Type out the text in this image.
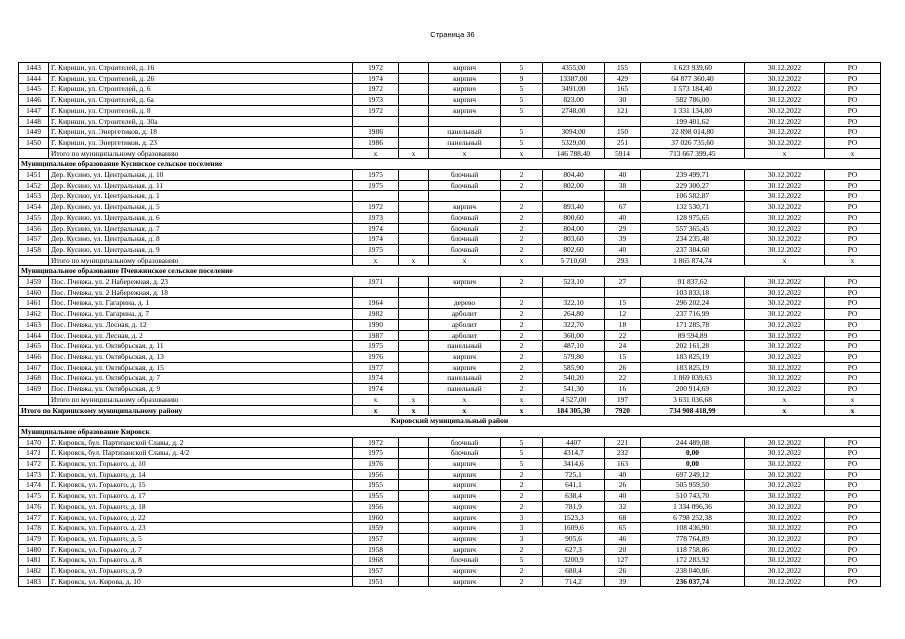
Страница 36
1443	Г. Кириши, ул. Строителей, д. 16	1972		кирпич	5	4355,00	155	1 623 939,60	30.12.2022	РО
1444	Г. Кириши, ул. Строителей, д. 26	1974		кирпич	9	13387,00	429	64 877 360,40	30.12.2022	РО
1445	Г. Кириши, ул. Строителей, д. 6	1972		кирпич	5	3491,00	165	1 573 184,40	30.12.2022	РО
1446	Г. Кириши, ул. Строителей, д. 6а	1973		кирпич	5	823,00	30	582 786,00	30.12.2022	РО
1447	Г. Кириши, ул. Строителей, д. 8	1972		кирпич	5	2748,00	121	1 331 134,80	30.12.2022	РО
1448	Г. Кириши, ул. Строителей, д. 30а							199 401,62	30.12.2022	РО
1449	Г. Кириши, ул. Энергетиков, д. 18	1986		панельный	5	3094,00	150	22 898 014,80	30.12.2022	РО
1450	Г. Кириши, ул. Энергетиков, д. 23	1986		панельный	5	5329,00	251	37 026 735,60	30.12.2022	РО
	Итого по муниципальному образованию	х	х	х	х	146 788,40	5914	713 667 399,45	х	х
Муниципальное образование Кусинское сельское поселение										
1451	Дер. Кусино, ул. Центральная, д. 10	1975		блочный	2	804,40	40	239 499,71	30.12.2022	РО
1452	Дер. Кусино, ул. Центральная, д. 11	1975		блочный	2	802,00	38	229 300,27	30.12.2022	РО
1453	Дер. Кусино, ул. Центральная, д. 1							106 582,87	30.12.2022	РО
1454	Дер. Кусино, ул. Центральная, д. 5	1972		кирпич	2	893,40	67	132 530,71	30.12.2022	РО
1455	Дер. Кусино, ул. Центральная, д. 6	1973		блочный	2	800,60	40	128 975,65	30.12.2022	РО
1456	Дер. Кусино, ул. Центральная, д. 7	1974		блочный	2	804,00	29	557 365,45	30.12.2022	РО
1457	Дер. Кусино, ул. Центральная, д. 8	1974		блочный	2	803,60	39	234 235,48	30.12.2022	РО
1458	Дер. Кусино, ул. Центральная, д. 9	1975		блочный	2	802,60	40	237 384,60	30.12.2022	РО
	Итого по муниципальному образованию	х	х	х	х	5 710,60	293	1 865 874,74	х	х
Муниципальное образование Пчевжинское сельское поселение										
1459	Пос. Пчевжа, ул. 2 Набережная, д. 23	1971		кирпич	2	523,10	27	91 837,62	30.12.2022	РО
1460	Пос. Пчевжа, ул. 2 Набережная, д. 18							103 833,18	30.12.2022	РО
1461	Пос. Пчевжа, ул. Гагарина, д. 1	1964		дерево	2	322,10	15	296 202,24	30.12.2022	РО
1462	Пос. Пчевжа, ул. Гагарина, д. 7	1982		арболит	2	264,80	12	237 716,99	30.12.2022	РО
1463	Пос. Пчевжа, ул. Лесная, д. 12	1990		арболит	2	322,70	18	171 285,78	30.12.2022	РО
1464	Пос. Пчевжа, ул. Лесная, д. 2	1987		арболит	2	360,00	22	89 594,89	30.12.2022	РО
1465	Пос. Пчевжа, ул. Октябрьская, д. 11	1975		панельный	2	487,10	24	202 161,28	30.12.2022	РО
1466	Пос. Пчевжа, ул. Октябрьская, д. 13	1976		кирпич	2	579,80	15	183 825,19	30.12.2022	РО
1467	Пос. Пчевжа, ул. Октябрьская, д. 15	1977		кирпич	2	585,90	26	183 825,19	30.12.2022	РО
1468	Пос. Пчевжа, ул. Октябрьская, д. 7	1974		панельный	2	540,20	22	1 869 839,63	30.12.2022	РО
1469	Пос. Пчевжа, ул. Октябрьская, д. 9	1974		панельный	2	541,30	16	200 914,69	30.12.2022	РО
	Итого по муниципальному образованию	х	х	х	х	4 527,00	197	3 631 036,68	х	х
Итого по Киришскому муниципальному району		х	х	х	х	184 305,30	7920	734 908 418,99	х	х
Кировский муниципальный район										
Муниципальное образование Кировск										
1470	Г. Кировск, бул. Партизанской Славы, д. 2	1972		блочный	5	4407	221	244 489,08	30.12.2022	РО
1471	Г. Кировск, бул. Партизанской Славы, д. 4/2	1975		блочный	5	4314,7	232	0,00	30.12.2022	РО
1472	Г. Кировск, ул. Горького, д. 10	1976		кирпич	5	3414,6	163	0,00	30.12.2022	РО
1473	Г. Кировск, ул. Горького, д. 14	1956		кирпич	2	725,1	40	697 249,12	30.12.2022	РО
1474	Г. Кировск, ул. Горького, д. 15	1955		кирпич	2	641,1	26	505 959,50	30.12.2022	РО
1475	Г. Кировск, ул. Горького, д. 17	1955		кирпич	2	638,4	40	510 743,70	30.12.2022	РО
1476	Г. Кировск, ул. Горького, д. 18	1956		кирпич	2	781,9	32	1 334 096,36	30.12.2022	РО
1477	Г. Кировск, ул. Горького, д. 22	1960		кирпич	3	1523,3	68	6 798 252,38	30.12.2022	РО
1478	Г. Кировск, ул. Горького, д. 23	1959		кирпич	3	1609,6	65	108 436,90	30.12.2022	РО
1479	Г. Кировск, ул. Горького, д. 5	1957		кирпич	3	905,6	46	778 764,89	30.12.2022	РО
1480	Г. Кировск, ул. Горького, д. 7	1958		кирпич	2	627,3	20	118 758,86	30.12.2022	РО
1481	Г. Кировск, ул. Горького, д. 8	1968		блочный	5	3200,9	127	172 283,92	30.12.2022	РО
1482	Г. Кировск, ул. Горького, д. 9	1957		кирпич	2	680,4	26	238 040,86	30.12.2022	РО
1483	Г. Кировск, ул. Кирова, д. 10	1951		кирпич	2	714,2	39	236 037,74	30.12.2022	РО
